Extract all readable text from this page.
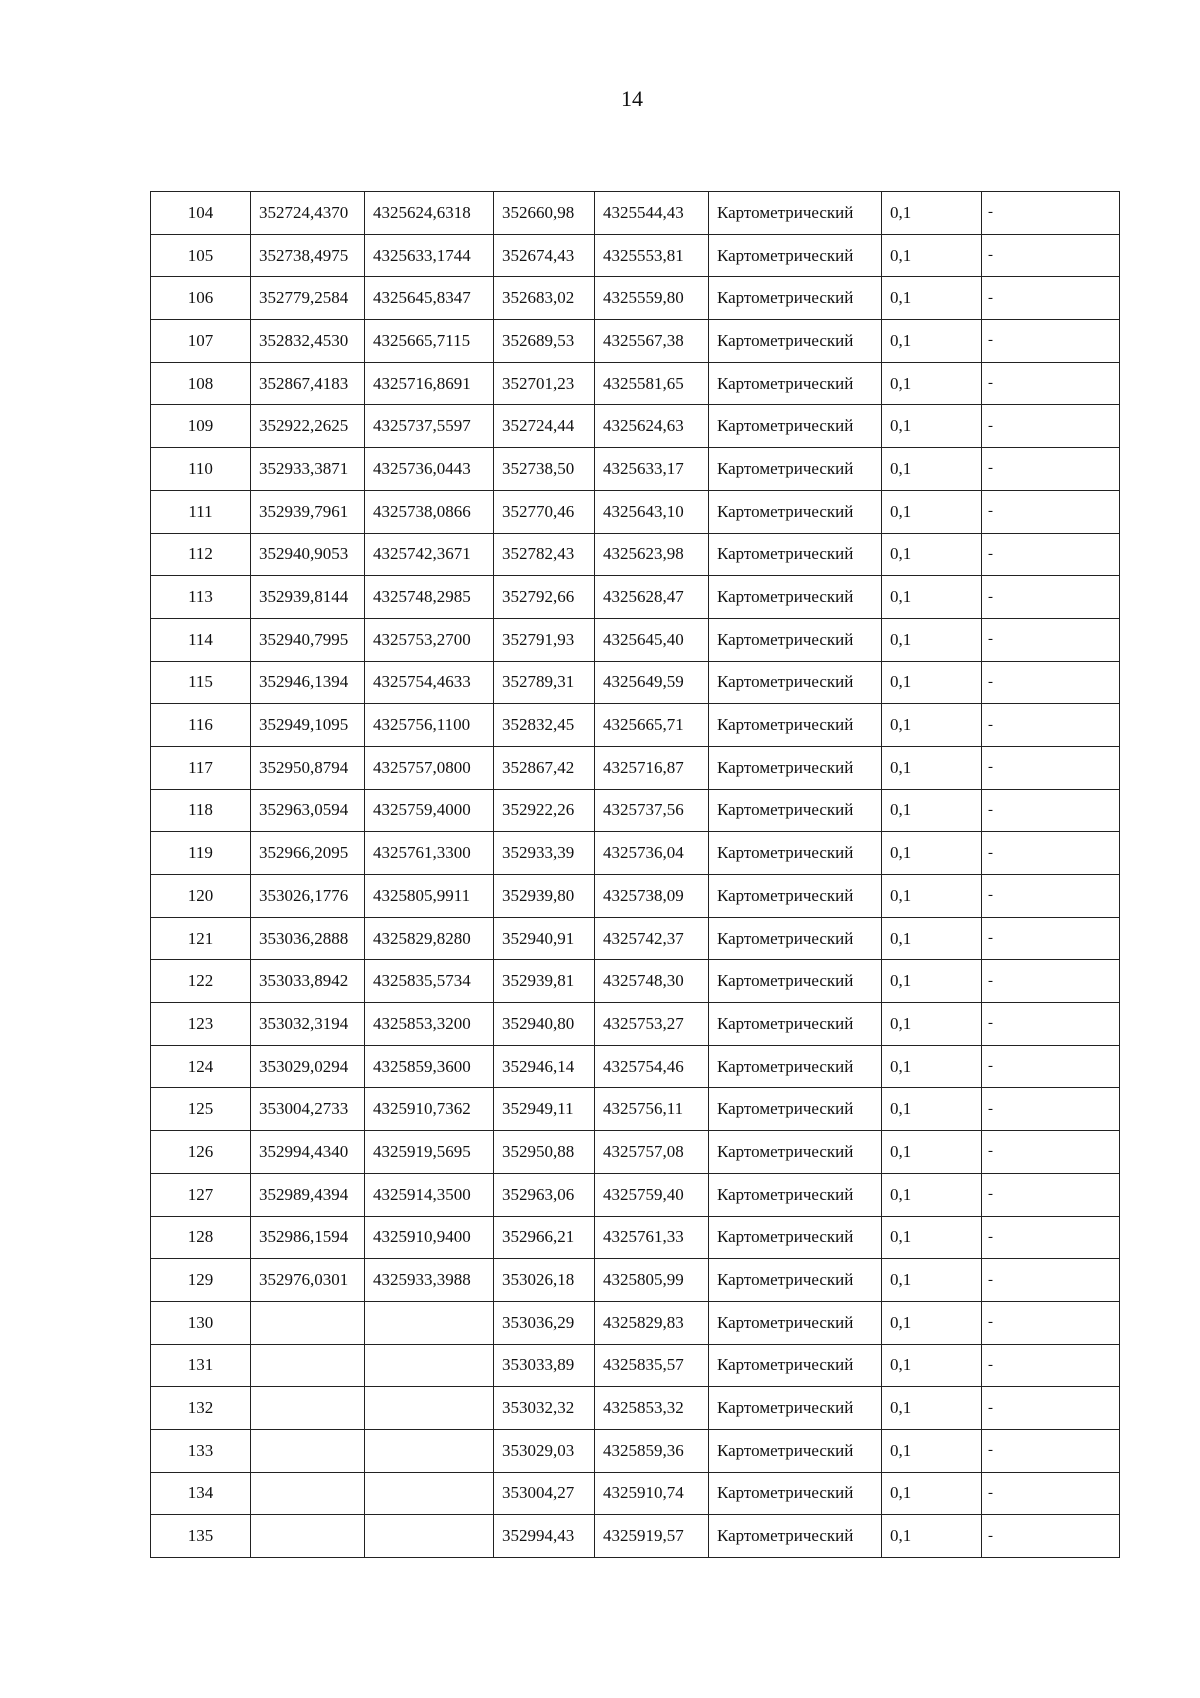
14
104	352724,4370	4325624,6318	352660,98	4325544,43	Картометрический	0,1	-
105	352738,4975	4325633,1744	352674,43	4325553,81	Картометрический	0,1	-
106	352779,2584	4325645,8347	352683,02	4325559,80	Картометрический	0,1	-
107	352832,4530	4325665,7115	352689,53	4325567,38	Картометрический	0,1	-
108	352867,4183	4325716,8691	352701,23	4325581,65	Картометрический	0,1	-
109	352922,2625	4325737,5597	352724,44	4325624,63	Картометрический	0,1	-
110	352933,3871	4325736,0443	352738,50	4325633,17	Картометрический	0,1	-
111	352939,7961	4325738,0866	352770,46	4325643,10	Картометрический	0,1	-
112	352940,9053	4325742,3671	352782,43	4325623,98	Картометрический	0,1	-
113	352939,8144	4325748,2985	352792,66	4325628,47	Картометрический	0,1	-
114	352940,7995	4325753,2700	352791,93	4325645,40	Картометрический	0,1	-
115	352946,1394	4325754,4633	352789,31	4325649,59	Картометрический	0,1	-
116	352949,1095	4325756,1100	352832,45	4325665,71	Картометрический	0,1	-
117	352950,8794	4325757,0800	352867,42	4325716,87	Картометрический	0,1	-
118	352963,0594	4325759,4000	352922,26	4325737,56	Картометрический	0,1	-
119	352966,2095	4325761,3300	352933,39	4325736,04	Картометрический	0,1	-
120	353026,1776	4325805,9911	352939,80	4325738,09	Картометрический	0,1	-
121	353036,2888	4325829,8280	352940,91	4325742,37	Картометрический	0,1	-
122	353033,8942	4325835,5734	352939,81	4325748,30	Картометрический	0,1	-
123	353032,3194	4325853,3200	352940,80	4325753,27	Картометрический	0,1	-
124	353029,0294	4325859,3600	352946,14	4325754,46	Картометрический	0,1	-
125	353004,2733	4325910,7362	352949,11	4325756,11	Картометрический	0,1	-
126	352994,4340	4325919,5695	352950,88	4325757,08	Картометрический	0,1	-
127	352989,4394	4325914,3500	352963,06	4325759,40	Картометрический	0,1	-
128	352986,1594	4325910,9400	352966,21	4325761,33	Картометрический	0,1	-
129	352976,0301	4325933,3988	353026,18	4325805,99	Картометрический	0,1	-
130			353036,29	4325829,83	Картометрический	0,1	-
131			353033,89	4325835,57	Картометрический	0,1	-
132			353032,32	4325853,32	Картометрический	0,1	-
133			353029,03	4325859,36	Картометрический	0,1	-
134			353004,27	4325910,74	Картометрический	0,1	-
135			352994,43	4325919,57	Картометрический	0,1	-
